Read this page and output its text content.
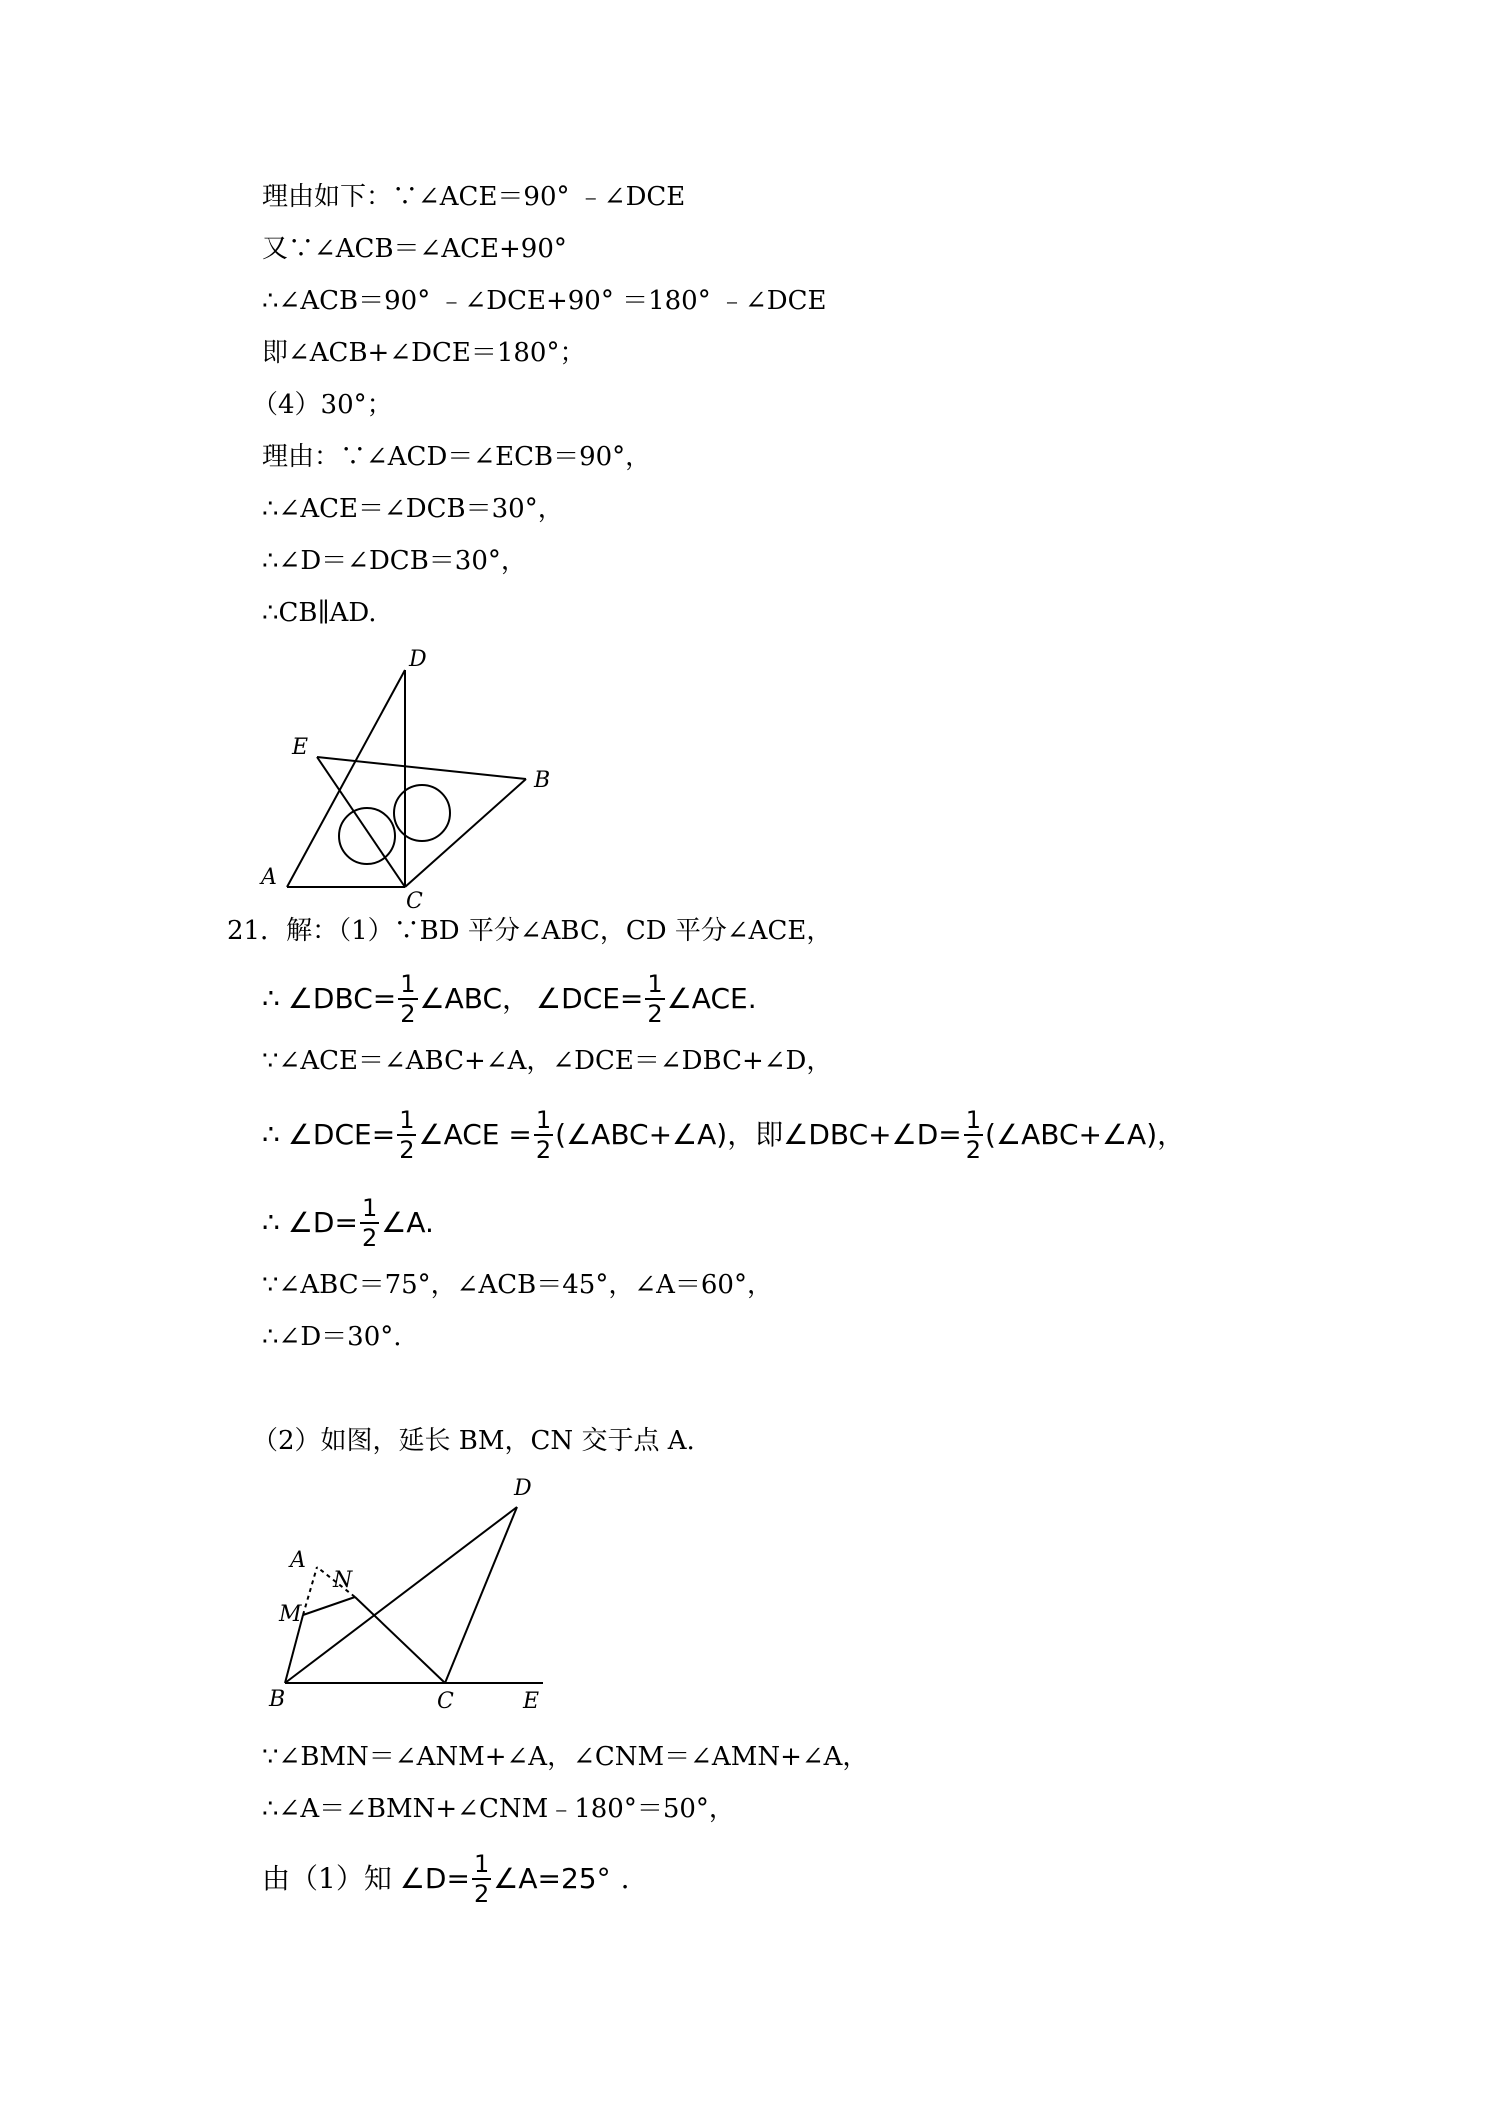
理由如下：∵∠ACE＝90° ﹣∠DCE
又∵∠ACB＝∠ACE+90°
∴∠ACB＝90° ﹣∠DCE+90° ＝180° ﹣∠DCE
即∠ACB+∠DCE＝180°；
（4）30°；
理由：∵∠ACD＝∠ECB＝90°，
∴∠ACE＝∠DCB＝30°，
∴∠D＝∠DCB＝30°，
∴CB∥AD.
D
E
B
A
C
21．解：（1）∵BD 平分∠ABC，CD 平分∠ACE，
∴ ∠DBC= $\frac{1}{2}$ ∠ABC， ∠DCE= $\frac{1}{2}$ ∠ACE.
∵∠ACE＝∠ABC+∠A，∠DCE＝∠DBC+∠D，
∴ ∠DCE= $\frac{1}{2}$ ∠ACE = $\frac{1}{2}$ (∠ABC+∠A) ，即 ∠DBC+∠D= $\frac{1}{2}$ (∠ABC+∠A)，
∴ ∠D= $\frac{1}{2}$ ∠A.
∵∠ABC＝75°，∠ACB＝45°，∠A＝60°，
∴∠D＝30°.
（2）如图，延长 BM，CN 交于点 A.
D
A
N
M
B	C	E
∵∠BMN＝∠ANM+∠A，∠CNM＝∠AMN+∠A，
∴∠A＝∠BMN+∠CNM﹣180°＝50°，
由（1）知 ∠D= $\frac{1}{2}$ ∠A=25° .
